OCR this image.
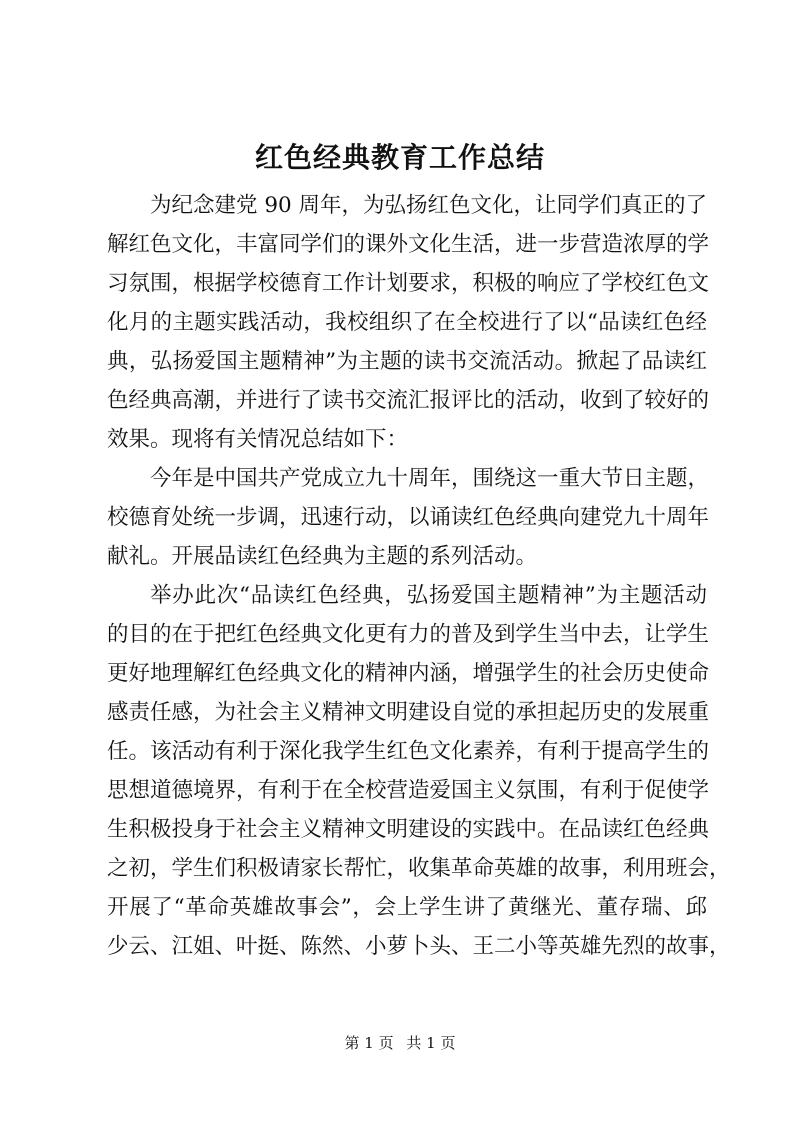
红色经典教育工作总结
为纪念建党 90 周年，为弘扬红色文化，让同学们真正的了
解红色文化，丰富同学们的课外文化生活，进一步营造浓厚的学
习氛围，根据学校德育工作计划要求，积极的响应了学校红色文
化月的主题实践活动，我校组织了在全校进行了以“品读红色经
典，弘扬爱国主题精神”为主题的读书交流活动。掀起了品读红
色经典高潮，并进行了读书交流汇报评比的活动，收到了较好的
效果。现将有关情况总结如下：
今年是中国共产党成立九十周年，围绕这一重大节日主题，
校德育处统一步调，迅速行动，以诵读红色经典向建党九十周年
献礼。开展品读红色经典为主题的系列活动。
举办此次“品读红色经典，弘扬爱国主题精神”为主题活动
的目的在于把红色经典文化更有力的普及到学生当中去，让学生
更好地理解红色经典文化的精神内涵，增强学生的社会历史使命
感责任感，为社会主义精神文明建设自觉的承担起历史的发展重
任。该活动有利于深化我学生红色文化素养，有利于提高学生的
思想道德境界，有利于在全校营造爱国主义氛围，有利于促使学
生积极投身于社会主义精神文明建设的实践中。在品读红色经典
之初，学生们积极请家长帮忙，收集革命英雄的故事，利用班会，
开展了“革命英雄故事会”，会上学生讲了黄继光、董存瑞、邱
少云、江姐、叶挺、陈然、小萝卜头、王二小等英雄先烈的故事，
第 1 页 共 1 页
